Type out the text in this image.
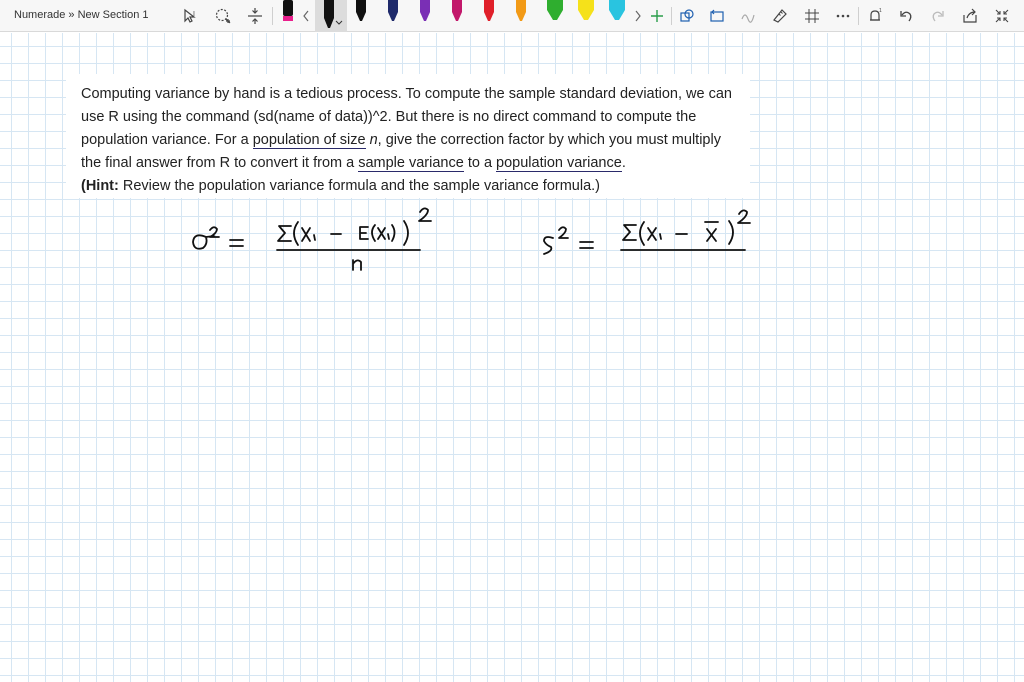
Numerade » New Section 1	I	1

Computing variance by hand is a tedious process. To compute the sample standard deviation, we can use R using the command (sd(name of data))^2. But there is no direct command to compute the population variance. For a population of size n, give the correction factor by which you must multiply the final answer from R to convert it from a sample variance to a population variance.
(Hint: Review the population variance formula and the sample variance formula.)
